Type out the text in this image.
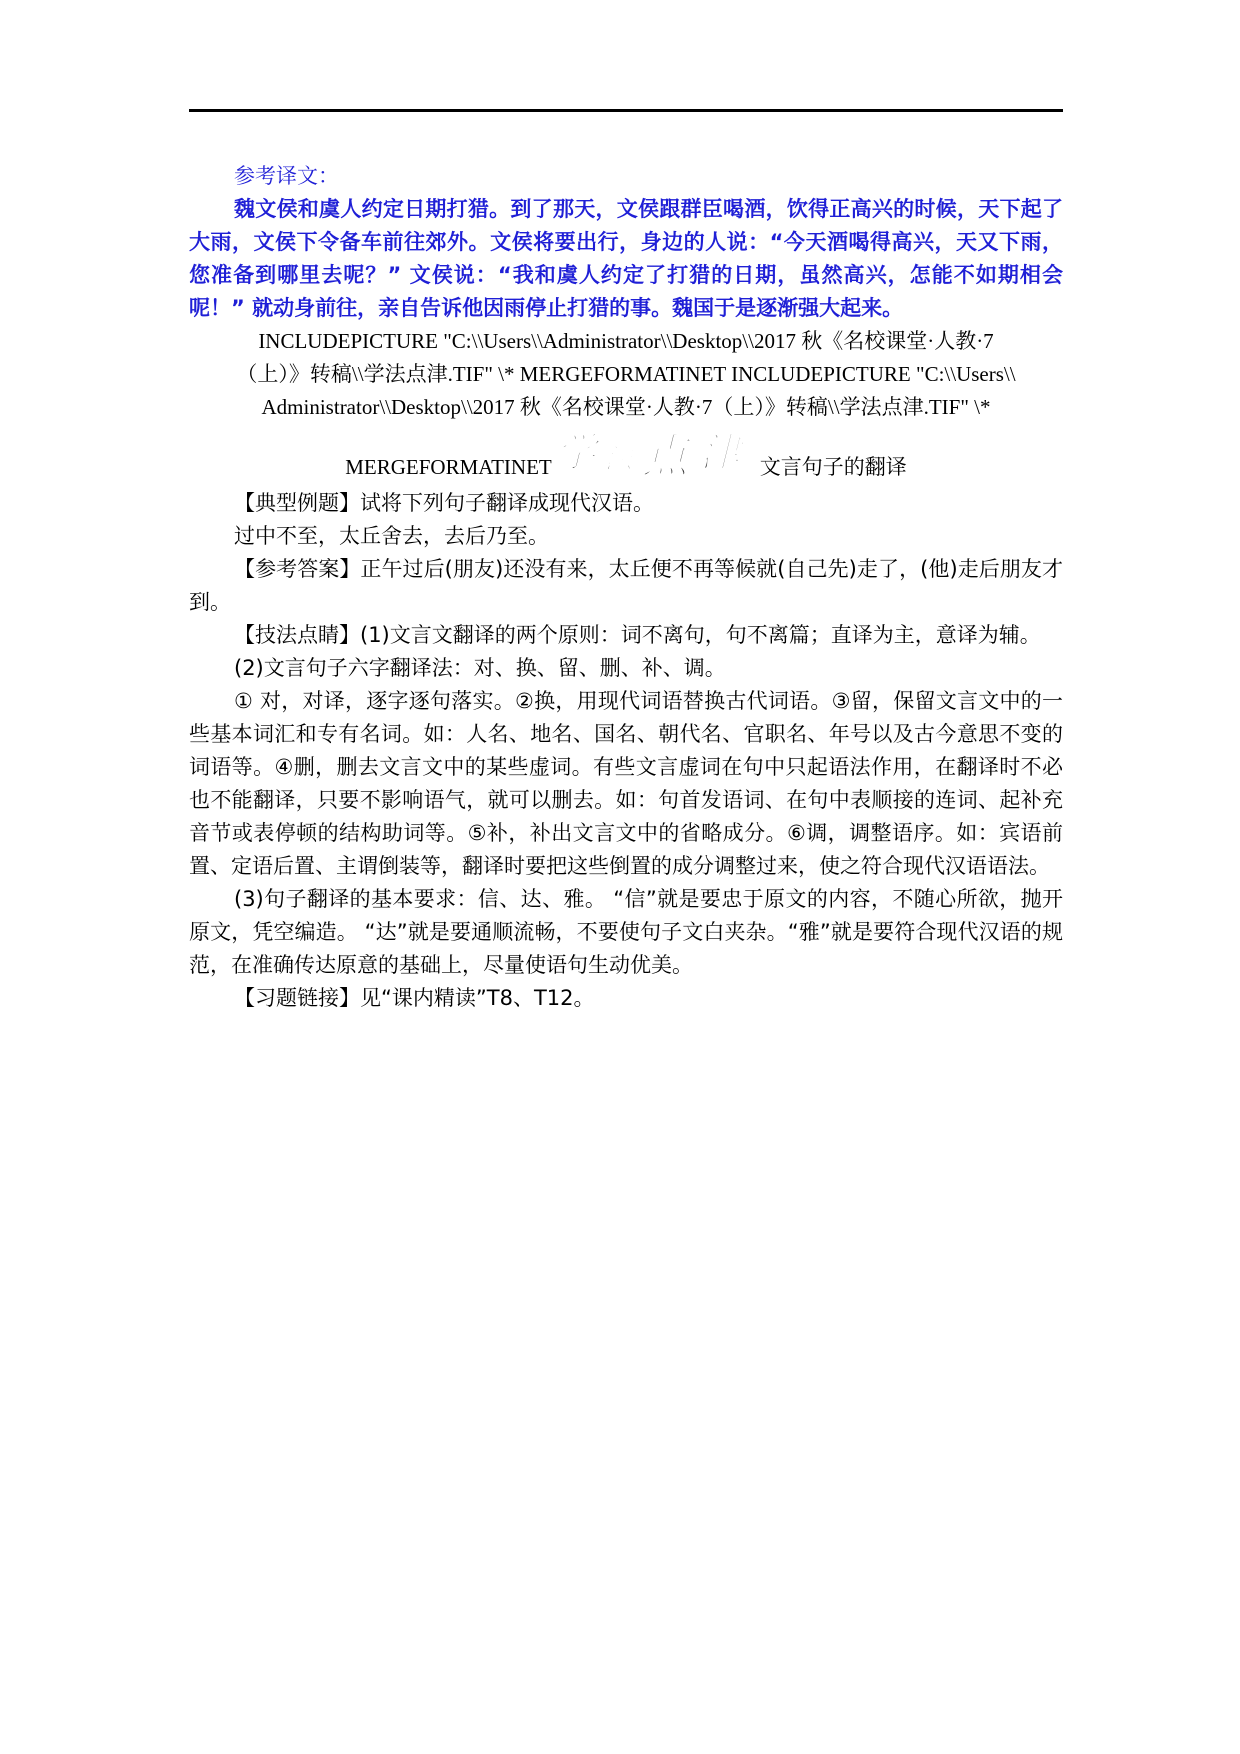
参考译文：

魏文侯和虞人约定日期打猎。到了那天，文侯跟群臣喝酒，饮得正高兴的时候，天下起了大雨，文侯下令备车前往郊外。文侯将要出行，身边的人说：“今天酒喝得高兴，天又下雨，您准备到哪里去呢？” 文侯说：“我和虞人约定了打猎的日期，虽然高兴，怎能不如期相会呢！” 就动身前往，亲自告诉他因雨停止打猎的事。魏国于是逐渐强大起来。

INCLUDEPICTURE "C:\\Users\\Administrator\\Desktop\\2017 秋《名校课堂·人教·7

（上）》转稿\\学法点津.TIF" \* MERGEFORMATINET INCLUDEPICTURE "C:\\Users\\

Administrator\\Desktop\\2017 秋《名校课堂·人教·7（上）》转稿\\学法点津.TIF" \*

MERGEFORMATINET 学 法 点 津 文言句子的翻译

【典型例题】试将下列句子翻译成现代汉语。

过中不至，太丘舍去，去后乃至。

【参考答案】正午过后(朋友)还没有来，太丘便不再等候就(自己先)走了，(他)走后朋友才到。

【技法点睛】(1)文言文翻译的两个原则：词不离句，句不离篇；直译为主，意译为辅。

(2)文言句子六字翻译法：对、换、留、删、补、调。

① 对，对译，逐字逐句落实。②换，用现代词语替换古代词语。③留，保留文言文中的一些基本词汇和专有名词。如：人名、地名、国名、朝代名、官职名、年号以及古今意思不变的词语等。④删，删去文言文中的某些虚词。有些文言虚词在句中只起语法作用，在翻译时不必也不能翻译，只要不影响语气，就可以删去。如：句首发语词、在句中表顺接的连词、起补充音节或表停顿的结构助词等。⑤补，补出文言文中的省略成分。⑥调，调整语序。如：宾语前置、定语后置、主谓倒装等，翻译时要把这些倒置的成分调整过来，使之符合现代汉语语法。

(3)句子翻译的基本要求：信、达、雅。 “信”就是要忠于原文的内容，不随心所欲，抛开原文，凭空编造。 “达”就是要通顺流畅，不要使句子文白夹杂。“雅”就是要符合现代汉语的规范，在准确传达原意的基础上，尽量使语句生动优美。

【习题链接】见“课内精读”T8、T12。
